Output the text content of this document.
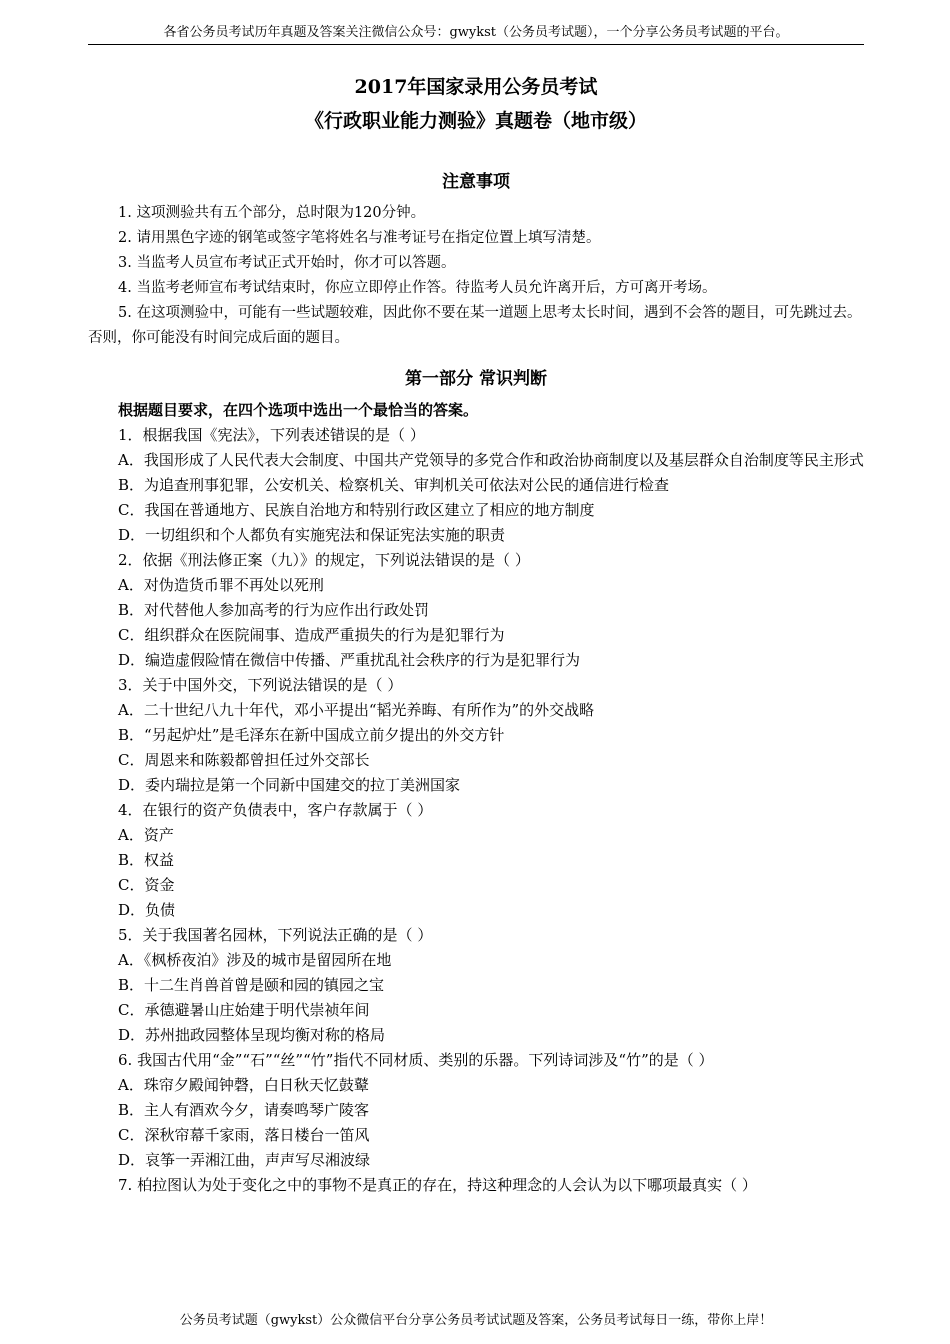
各省公务员考试历年真题及答案关注微信公众号：gwykst（公务员考试题），一个分享公务员考试题的平台。
2017年国家录用公务员考试
《行政职业能力测验》真题卷（地市级）
注意事项
1. 这项测验共有五个部分，总时限为120分钟。
2. 请用黑色字迹的钢笔或签字笔将姓名与准考证号在指定位置上填写清楚。
3. 当监考人员宣布考试正式开始时，你才可以答题。
4. 当监考老师宣布考试结束时，你应立即停止作答。待监考人员允许离开后，方可离开考场。
5. 在这项测验中，可能有一些试题较难，因此你不要在某一道题上思考太长时间，遇到不会答的题目，可先跳过去。否则，你可能没有时间完成后面的题目。
第一部分 常识判断
根据题目要求，在四个选项中选出一个最恰当的答案。
1．根据我国《宪法》，下列表述错误的是（ ）
A．我国形成了人民代表大会制度、中国共产党领导的多党合作和政治协商制度以及基层群众自治制度等民主形式
B．为追查刑事犯罪，公安机关、检察机关、审判机关可依法对公民的通信进行检查
C．我国在普通地方、民族自治地方和特别行政区建立了相应的地方制度
D．一切组织和个人都负有实施宪法和保证宪法实施的职责
2．依据《刑法修正案（九）》的规定，下列说法错误的是（ ）
A．对伪造货币罪不再处以死刑
B．对代替他人参加高考的行为应作出行政处罚
C．组织群众在医院闹事、造成严重损失的行为是犯罪行为
D．编造虚假险情在微信中传播、严重扰乱社会秩序的行为是犯罪行为
3．关于中国外交，下列说法错误的是（ ）
A．二十世纪八九十年代，邓小平提出“韬光养晦、有所作为”的外交战略
B．“另起炉灶”是毛泽东在新中国成立前夕提出的外交方针
C．周恩来和陈毅都曾担任过外交部长
D．委内瑞拉是第一个同新中国建交的拉丁美洲国家
4．在银行的资产负债表中，客户存款属于（ ）
A．资产
B．权益
C．资金
D．负债
5．关于我国著名园林，下列说法正确的是（ ）
A．《枫桥夜泊》涉及的城市是留园所在地
B．十二生肖兽首曾是颐和园的镇园之宝
C．承德避暑山庄始建于明代崇祯年间
D．苏州拙政园整体呈现均衡对称的格局
6. 我国古代用“金”“石”“丝”“竹”指代不同材质、类别的乐器。下列诗词涉及“竹”的是（ ）
A．珠帘夕殿闻钟磬，白日秋天忆鼓鼙
B．主人有酒欢今夕，请奏鸣琴广陵客
C．深秋帘幕千家雨，落日楼台一笛风
D．哀筝一弄湘江曲，声声写尽湘波绿
7. 柏拉图认为处于变化之中的事物不是真正的存在，持这种理念的人会认为以下哪项最真实（ ）
公务员考试题（gwykst）公众微信平台分享公务员考试试题及答案，公务员考试每日一练，带你上岸！
